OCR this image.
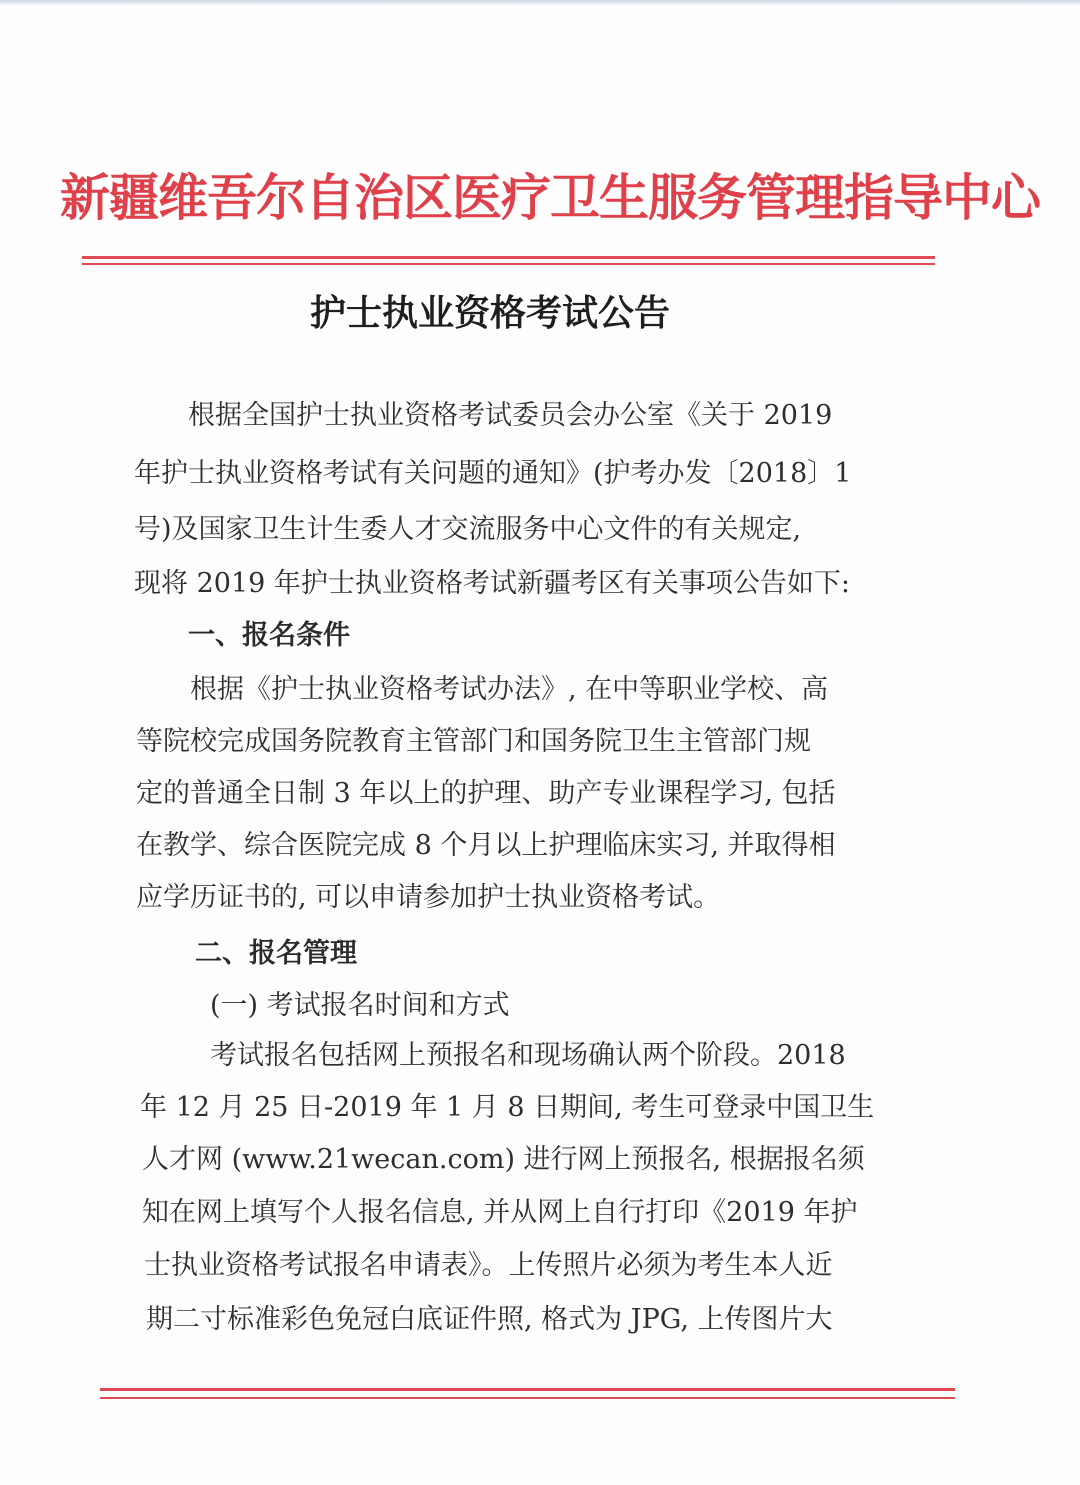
新疆维吾尔自治区医疗卫生服务管理指导中心
护士执业资格考试公告
根据全国护士执业资格考试委员会办公室《关于 2019
年护士执业资格考试有关问题的通知》(护考办发〔2018〕1
号)及国家卫生计生委人才交流服务中心文件的有关规定,
现将 2019 年护士执业资格考试新疆考区有关事项公告如下:
一、报名条件
根据《护士执业资格考试办法》, 在中等职业学校、高
等院校完成国务院教育主管部门和国务院卫生主管部门规
定的普通全日制 3 年以上的护理、助产专业课程学习, 包括
在教学、综合医院完成 8 个月以上护理临床实习, 并取得相
应学历证书的, 可以申请参加护士执业资格考试。
二、报名管理
(一) 考试报名时间和方式
考试报名包括网上预报名和现场确认两个阶段。2018
年 12 月 25 日-2019 年 1 月 8 日期间, 考生可登录中国卫生
人才网 (www.21wecan.com) 进行网上预报名, 根据报名须
知在网上填写个人报名信息, 并从网上自行打印《2019 年护
士执业资格考试报名申请表》。上传照片必须为考生本人近
期二寸标准彩色免冠白底证件照, 格式为 JPG, 上传图片大
